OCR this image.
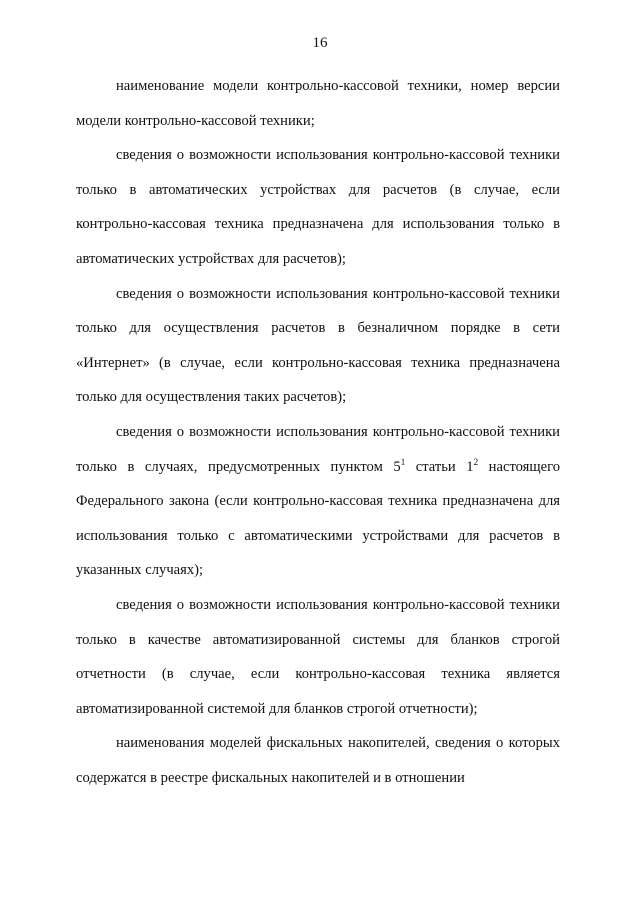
16

наименование модели контрольно-кассовой техники, номер версии модели контрольно-кассовой техники;

сведения о возможности использования контрольно-кассовой техники только в автоматических устройствах для расчетов (в случае, если контрольно-кассовая техника предназначена для использования только в автоматических устройствах для расчетов);

сведения о возможности использования контрольно-кассовой техники только для осуществления расчетов в безналичном порядке в сети «Интернет» (в случае, если контрольно-кассовая техника предназначена только для осуществления таких расчетов);

сведения о возможности использования контрольно-кассовой техники только в случаях, предусмотренных пунктом $5^1$ статьи $1^2$ настоящего Федерального закона (если контрольно-кассовая техника предназначена для использования только с автоматическими устройствами для расчетов в указанных случаях);

сведения о возможности использования контрольно-кассовой техники только в качестве автоматизированной системы для бланков строгой отчетности (в случае, если контрольно-кассовая техника является автоматизированной системой для бланков строгой отчетности);

наименования моделей фискальных накопителей, сведения о которых содержатся в реестре фискальных накопителей и в отношении
